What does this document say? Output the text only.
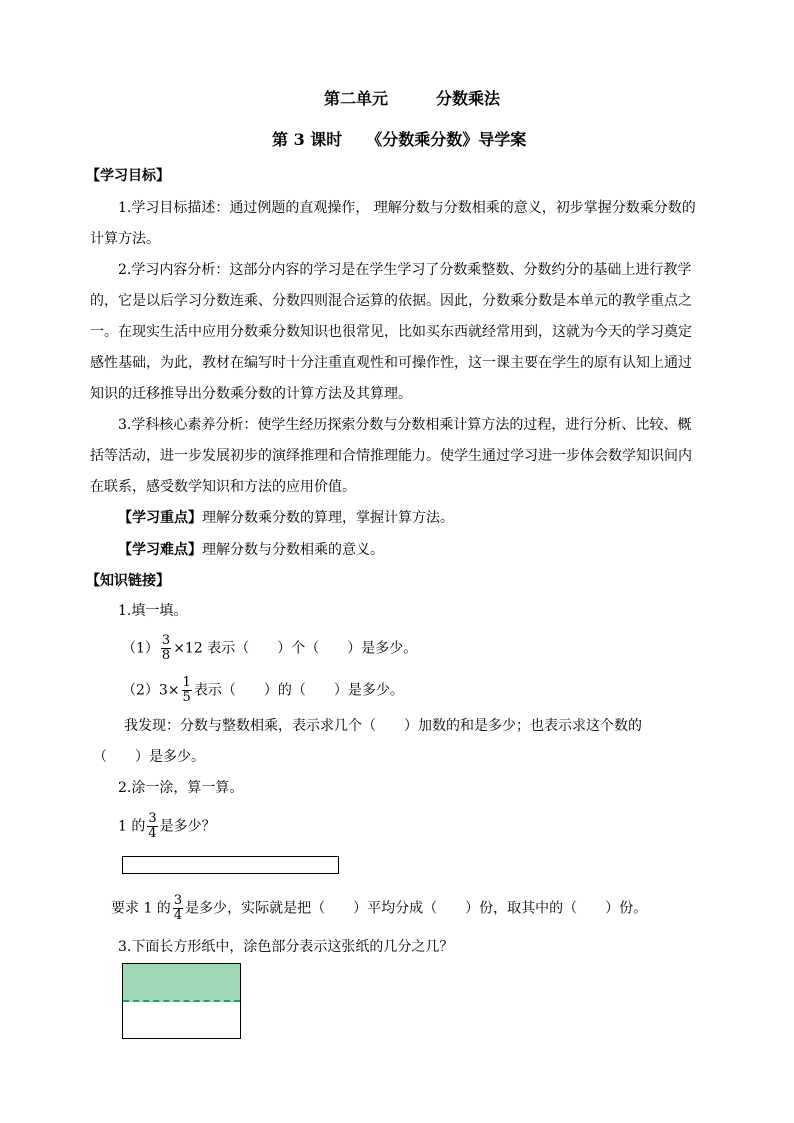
第二单元　　　分数乘法
第 3 课时　　《分数乘分数》导学案
【学习目标】
1.学习目标描述：通过例题的直观操作， 理解分数与分数相乘的意义，初步掌握分数乘分数的计算方法。
2.学习内容分析：这部分内容的学习是在学生学习了分数乘整数、分数约分的基础上进行教学的，它是以后学习分数连乘、分数四则混合运算的依据。因此，分数乘分数是本单元的教学重点之一。在现实生活中应用分数乘分数知识也很常见，比如买东西就经常用到，这就为今天的学习奠定感性基础，为此，教材在编写时十分注重直观性和可操作性，这一课主要在学生的原有认知上通过知识的迁移推导出分数乘分数的计算方法及其算理。
3.学科核心素养分析：使学生经历探索分数与分数相乘计算方法的过程，进行分析、比较、概括等活动，进一步发展初步的演绎推理和合情推理能力。使学生通过学习进一步体会数学知识间内在联系，感受数学知识和方法的应用价值。
【学习重点】理解分数乘分数的算理，掌握计算方法。
【学习难点】理解分数与分数相乘的意义。
【知识链接】
1.填一填。
$(1) \frac{3}{8} \times 12$ 表示（　　）个（　　）是多少。
$(2)3\times \frac{1}{5}$ 表示（　　）的（　　）是多少。
我发现：分数与整数相乘，表示求几个（　　）加数的和是多少；也表示求这个数的
（　　）是多少。
2.涂一涂，算一算。
1 的 $\frac{3}{4}$ 是多少？
要求 1 的 $\frac{3}{4}$ 是多少，实际就是把（　　）平均分成（　　）份，取其中的（　　）份。
3.下面长方形纸中，涂色部分表示这张纸的几分之几？
